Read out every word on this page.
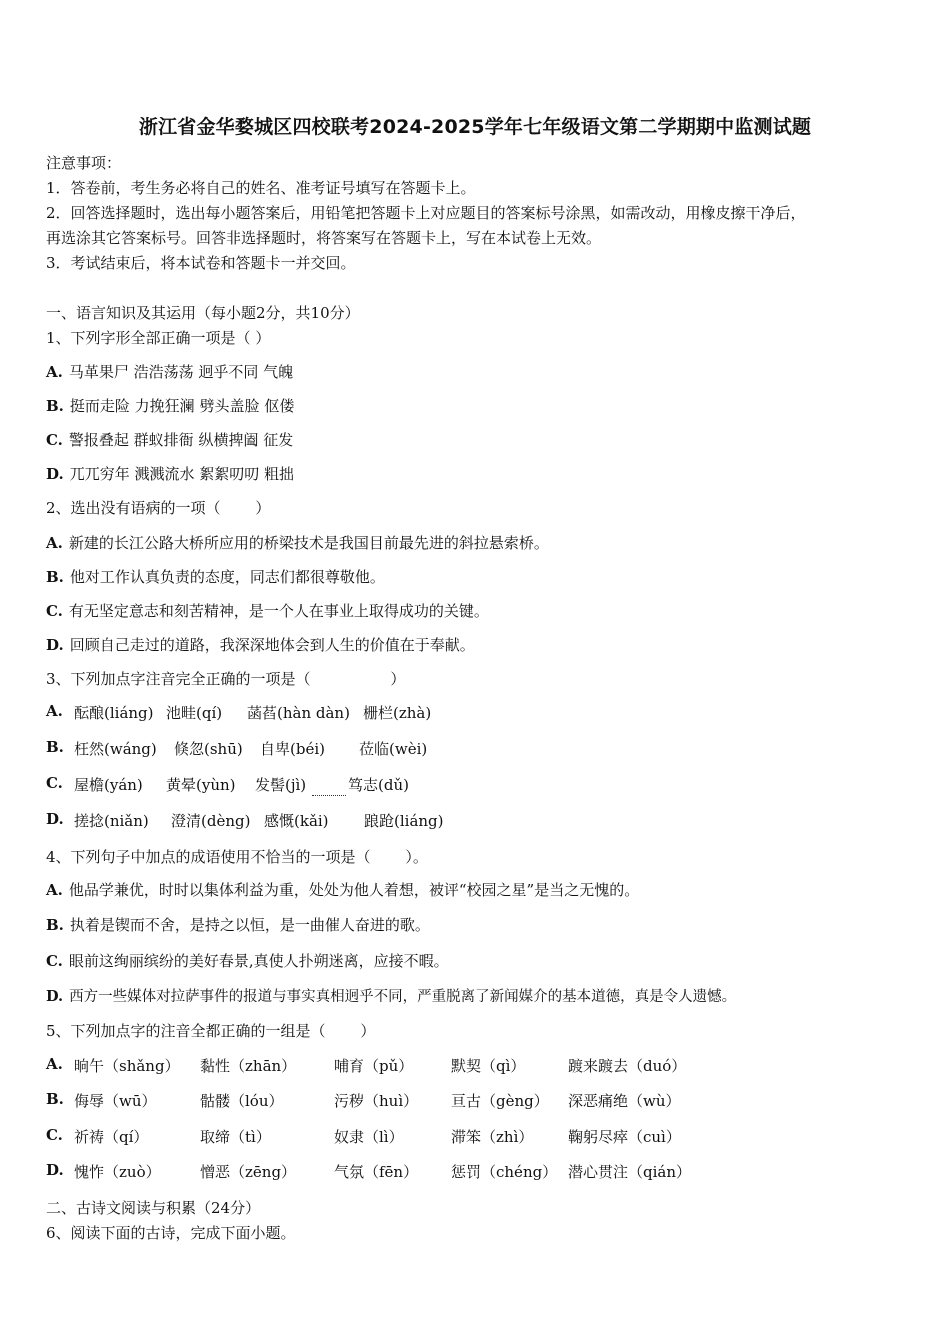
浙江省金华婺城区四校联考2024-2025学年七年级语文第二学期期中监测试题
注意事项：
1．答卷前，考生务必将自己的姓名、准考证号填写在答题卡上。
2．回答选择题时，选出每小题答案后，用铅笔把答题卡上对应题目的答案标号涂黑，如需改动，用橡皮擦干净后，
再选涂其它答案标号。回答非选择题时，将答案写在答题卡上，写在本试卷上无效。
3．考试结束后，将本试卷和答题卡一并交回。
一、语言知识及其运用（每小题2分，共10分）
1、下列字形全部正确一项是（ ）
A. 马革果尸 浩浩荡荡 迥乎不同 气魄
B. 挺而走险 力挽狂澜 劈头盖脸 伛偻
C. 警报叠起 群蚁排衙 纵横捭阖 征发
D. 兀兀穷年 溅溅流水 絮絮叨叨 粗拙
2、选出没有语病的一项（　　 ）
A. 新建的长江公路大桥所应用的桥梁技术是我国目前最先进的斜拉悬索桥。
B. 他对工作认真负责的态度，同志们都很尊敬他。
C. 有无坚定意志和刻苦精神，是一个人在事业上取得成功的关键。
D. 回顾自己走过的道路，我深深地体会到人生的价值在于奉献。
3、下列加点字注音完全正确的一项是（　　　　　 ）
A. 酝酿(liáng) 池畦(qí) 菡萏(hàn dàn) 栅栏(zhà)
B. 枉然(wáng) 倏忽(shū) 自卑(béi) 莅临(wèi)
C. 屋檐(yán) 黄晕(yùn) 发髻(jì)	笃志(dǔ)
D. 搓捻(niǎn) 澄清(dèng) 感慨(kǎi) 踉跄(liáng)
4、下列句子中加点的成语使用不恰当的一项是（　　 ）。
A. 他品学兼优，时时以集体利益为重，处处为他人着想，被评“校园之星”是当之无愧的。
B. 执着是锲而不舍，是持之以恒，是一曲催人奋进的歌。
C. 眼前这绚丽缤纷的美好春景,真使人扑朔迷离，应接不暇。
D. 西方一些媒体对拉萨事件的报道与事实真相迥乎不同，严重脱离了新闻媒介的基本道德，真是令人遗憾。
5、下列加点字的注音全都正确的一组是（　　 ）
A. 晌午（shǎng） 黏性（zhān）	哺育（pǔ）	默契（qì）	踱来踱去（duó）
B. 侮辱（wū）	骷髅（lóu）	污秽（huì） 亘古（gèng） 深恶痛绝（wù）
C. 祈祷（qí）	取缔（tì）	奴隶（lì）	滞笨（zhì） 鞠躬尽瘁（cuì）
D. 愧怍（zuò）	憎恶（zēng）	气氛（fēn） 惩罚（chéng） 潜心贯注（qián）
二、古诗文阅读与积累（24分）
6、阅读下面的古诗，完成下面小题。
